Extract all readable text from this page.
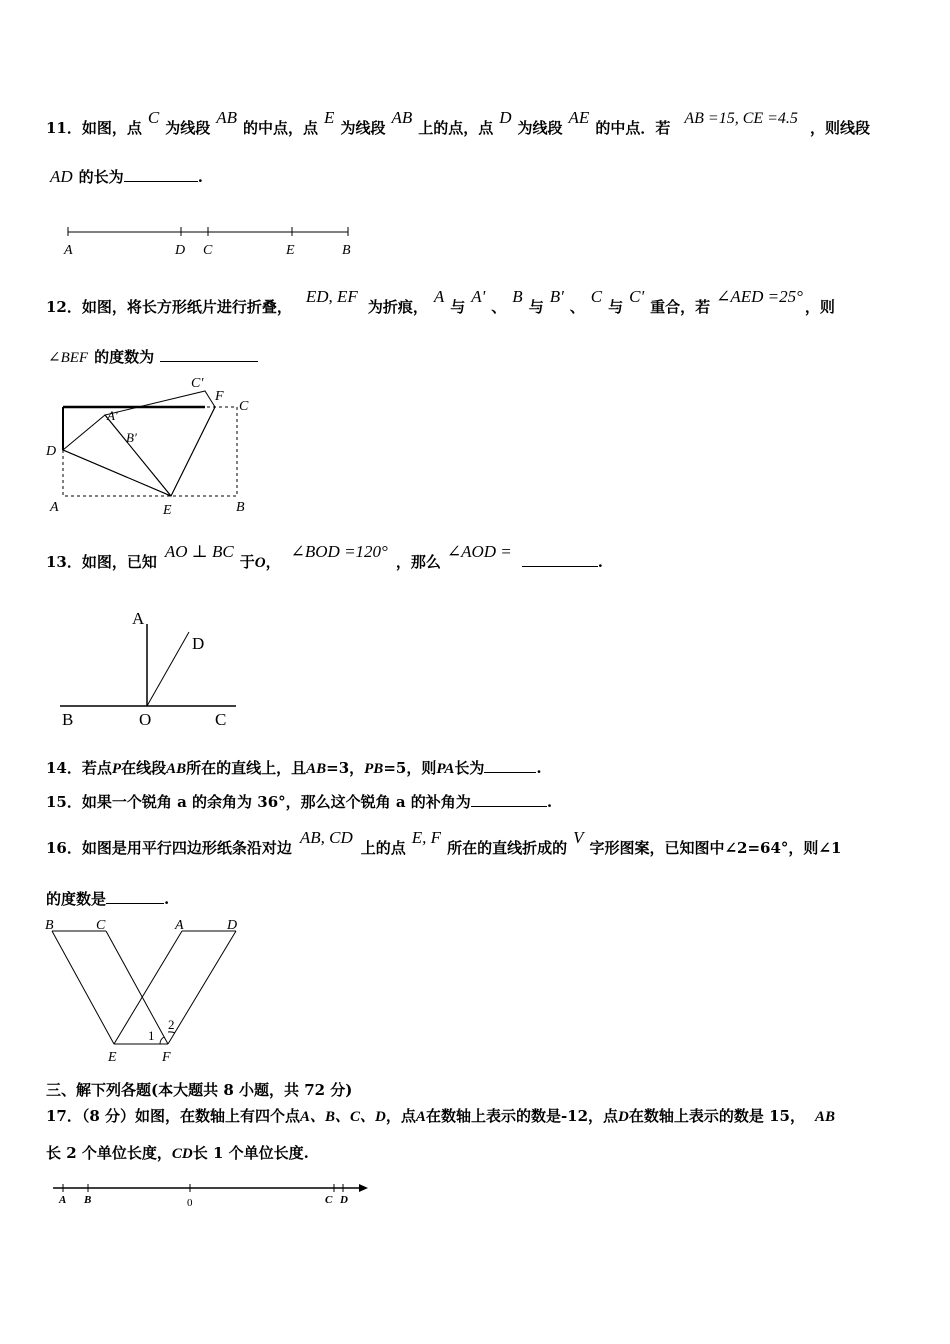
11．如图，点C为线段AB的中点，点E为线段AB上的点，点D为线段AE的中点．若AB =15, CE =4.5，则线段
AD 的长为	.
A	D C	E	B
12．如图，将长方形纸片进行折叠，ED, EF为折痕，A与A'、B与B'、C与C'重合，若∠AED =25°，则
∠BEF 的度数为
C′
F
C
A′
B′
D
A	E	B
13．如图，已知AO ⊥ BC于O，∠BOD =120°，那么∠AOD =.
A
D
B	O	C
14．若点P在线段AB所在的直线上，且AB=3，PB=5，则PA长为	.
15．如果一个锐角 a 的余角为 36°，那么这个锐角 a 的补角为	.
16．如图是用平行四边形纸条沿对边AB, CD上的点E, F所在的直线折成的V字形图案，已知图中∠2=64°，则∠1
的度数是	.
B	C	A	D
E	F
1
2
三、解下列各题(本大题共 8 小题，共 72 分)
17．（8 分）如图，在数轴上有四个点A、B、C、D，点A在数轴上表示的数是-12，点D在数轴上表示的数是 15， AB
长 2 个单位长度，CD长 1 个单位长度.
A B	0	C D
